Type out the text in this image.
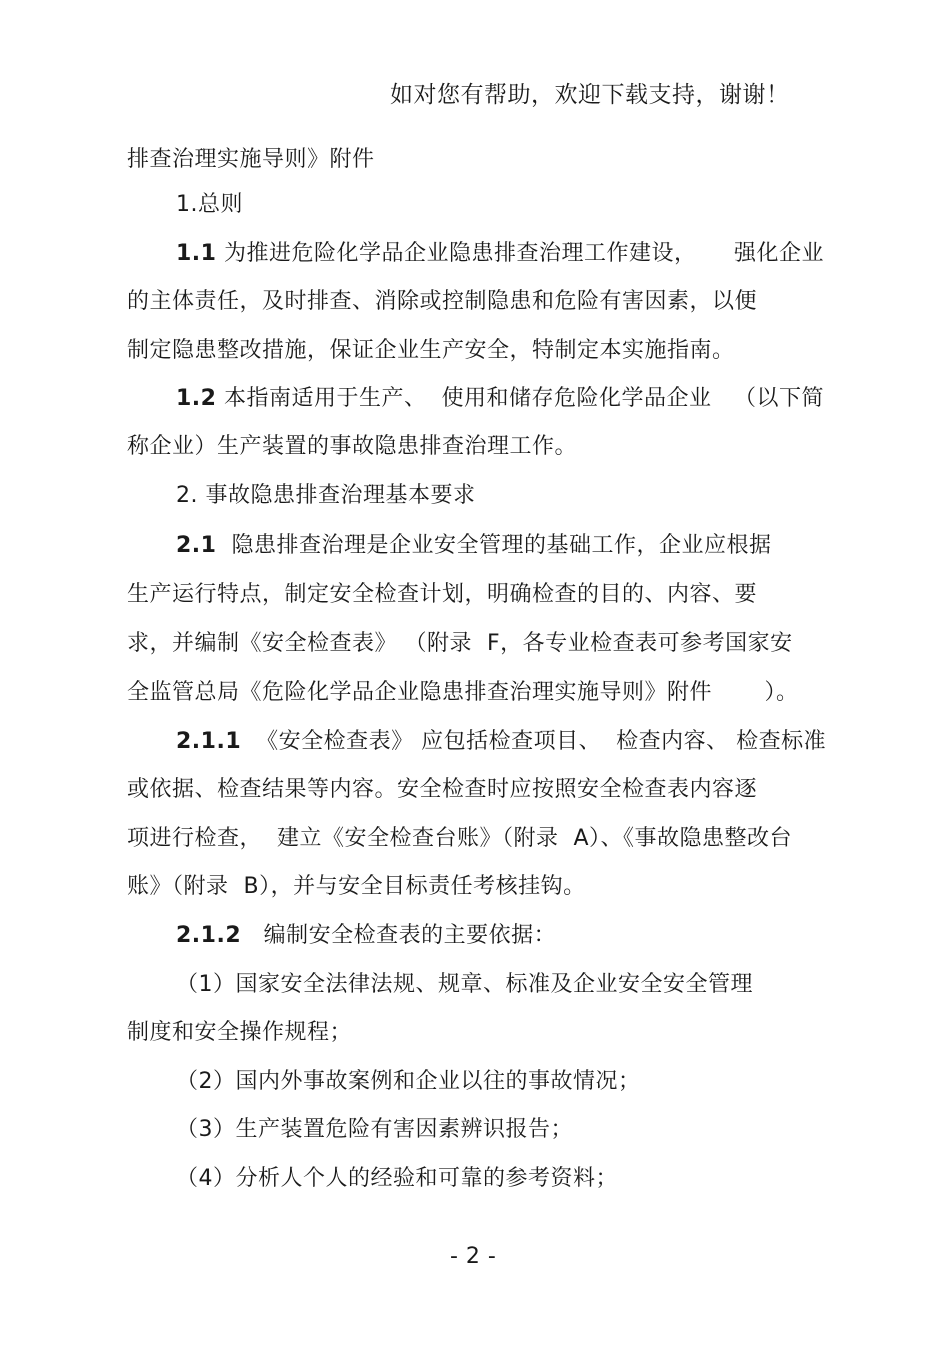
如对您有帮助，欢迎下载支持，谢谢！
排查治理实施导则》附件
1.总则
1.1 为推进危险化学品企业隐患排查治理工作建设，     强化企业
的主体责任，及时排查、消除或控制隐患和危险有害因素，以便
制定隐患整改措施，保证企业生产安全，特制定本实施指南。
1.2 本指南适用于生产、  使用和储存危险化学品企业   （以下简
称企业）生产装置的事故隐患排查治理工作。
2. 事故隐患排查治理基本要求
2.1  隐患排查治理是企业安全管理的基础工作，企业应根据
生产运行特点，制定安全检查计划，明确检查的目的、内容、要
求，并编制《安全检查表》 （附录  F，各专业检查表可参考国家安
全监管总局《危险化学品企业隐患排查治理实施导则》附件       ）。
2.1.1  《安全检查表》 应包括检查项目、  检查内容、 检查标准
或依据、检查结果等内容。安全检查时应按照安全检查表内容逐
项进行检查，  建立《安全检查台账》（附录  A）、《事故隐患整改台
账》（附录  B），并与安全目标责任考核挂钩。
2.1.2   编制安全检查表的主要依据：
（1）国家安全法律法规、规章、标准及企业安全安全管理
制度和安全操作规程；
（2）国内外事故案例和企业以往的事故情况；
（3）生产装置危险有害因素辨识报告；
（4）分析人个人的经验和可靠的参考资料；
- 2 -
